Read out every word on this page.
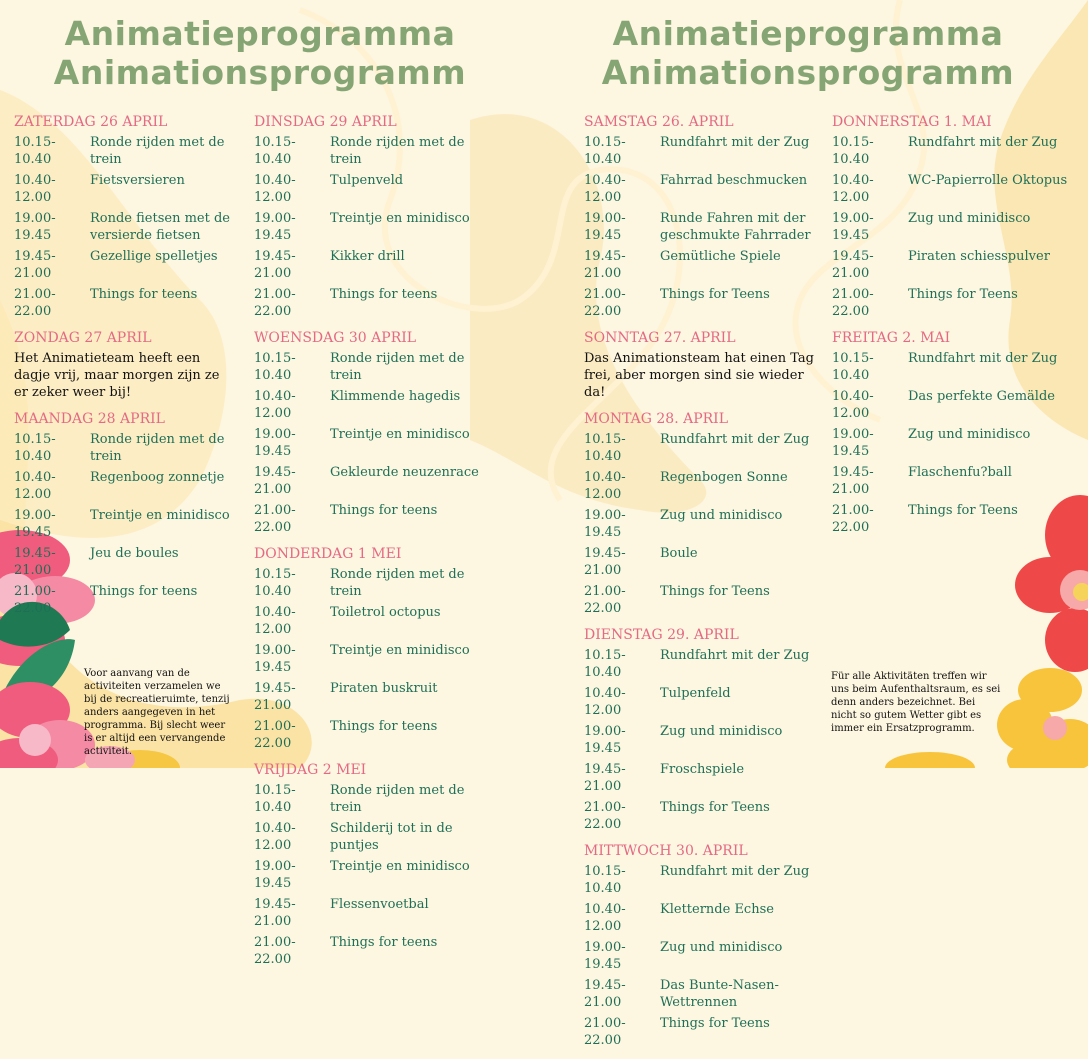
Animatieprogramma
Animationsprogramm
ZATERDAG 26 APRIL
10.15-10.40
Ronde rijden met de trein
10.40-12.00
Fietsversieren
19.00-19.45
Ronde fietsen met de versierde fietsen
19.45-21.00
Gezellige spelletjes
21.00-22.00
Things for teens
ZONDAG 27 APRIL
Het Animatieteam heeft een dagje vrij, maar morgen zijn ze er zeker weer bij!
MAANDAG 28 APRIL
10.15-10.40
Ronde rijden met de trein
10.40-12.00
Regenboog zonnetje
19.00-19.45
Treintje en minidisco
19.45-21.00
Jeu de boules
21.00-22.00
Things for teens
DINSDAG 29 APRIL
10.15-10.40
Ronde rijden met de trein
10.40-12.00
Tulpenveld
19.00-19.45
Treintje en minidisco
19.45-21.00
Kikker drill
21.00-22.00
Things for teens
WOENSDAG 30 APRIL
10.15-10.40
Ronde rijden met de trein
10.40-12.00
Klimmende hagedis
19.00-19.45
Treintje en minidisco
19.45-21.00
Gekleurde neuzenrace
21.00-22.00
Things for teens
DONDERDAG 1 MEI
10.15-10.40
Ronde rijden met de trein
10.40-12.00
Toiletrol octopus
19.00-19.45
Treintje en minidisco
19.45-21.00
Piraten buskruit
21.00-22.00
Things for teens
VRIJDAG 2 MEI
10.15-10.40
Ronde rijden met de trein
10.40-12.00
Schilderij tot in de puntjes
19.00-19.45
Treintje en minidisco
19.45-21.00
Flessenvoetbal
21.00-22.00
Things for teens
Voor aanvang van de activiteiten verzamelen we bij de recreatieruimte, tenzij anders aangegeven in het programma. Bij slecht weer is er altijd een vervangende activiteit.
Animatieprogramma
Animationsprogramm
SAMSTAG 26. APRIL
10.15-10.40
Rundfahrt mit der Zug
10.40-12.00
Fahrrad beschmucken
19.00-19.45
Runde Fahren mit der geschmukte Fahrrader
19.45-21.00
Gemütliche Spiele
21.00-22.00
Things for Teens
SONNTAG 27. APRIL
Das Animationsteam hat einen Tag frei, aber morgen sind sie wieder da!
MONTAG 28. APRIL
10.15-10.40
Rundfahrt mit der Zug
10.40-12.00
Regenbogen Sonne
19.00-19.45
Zug und minidisco
19.45-21.00
Boule
21.00-22.00
Things for Teens
DIENSTAG 29. APRIL
10.15-10.40
Rundfahrt mit der Zug
10.40-12.00
Tulpenfeld
19.00-19.45
Zug und minidisco
19.45-21.00
Froschspiele
21.00-22.00
Things for Teens
MITTWOCH 30. APRIL
10.15-10.40
Rundfahrt mit der Zug
10.40-12.00
Kletternde Echse
19.00-19.45
Zug und minidisco
19.45-21.00
Das Bunte-Nasen-Wettrennen
21.00-22.00
Things for Teens
DONNERSTAG 1. MAI
10.15-10.40
Rundfahrt mit der Zug
10.40-12.00
WC-Papierrolle Oktopus
19.00-19.45
Zug und minidisco
19.45-21.00
Piraten schiesspulver
21.00-22.00
Things for Teens
FREITAG 2. MAI
10.15-10.40
Rundfahrt mit der Zug
10.40-12.00
Das perfekte Gemälde
19.00-19.45
Zug und minidisco
19.45-21.00
Flaschenfu?ball
21.00-22.00
Things for Teens
Für alle Aktivitäten treffen wir uns beim Aufenthaltsraum, es sei denn anders bezeichnet. Bei nicht so gutem Wetter gibt es immer ein Ersatzprogramm.
